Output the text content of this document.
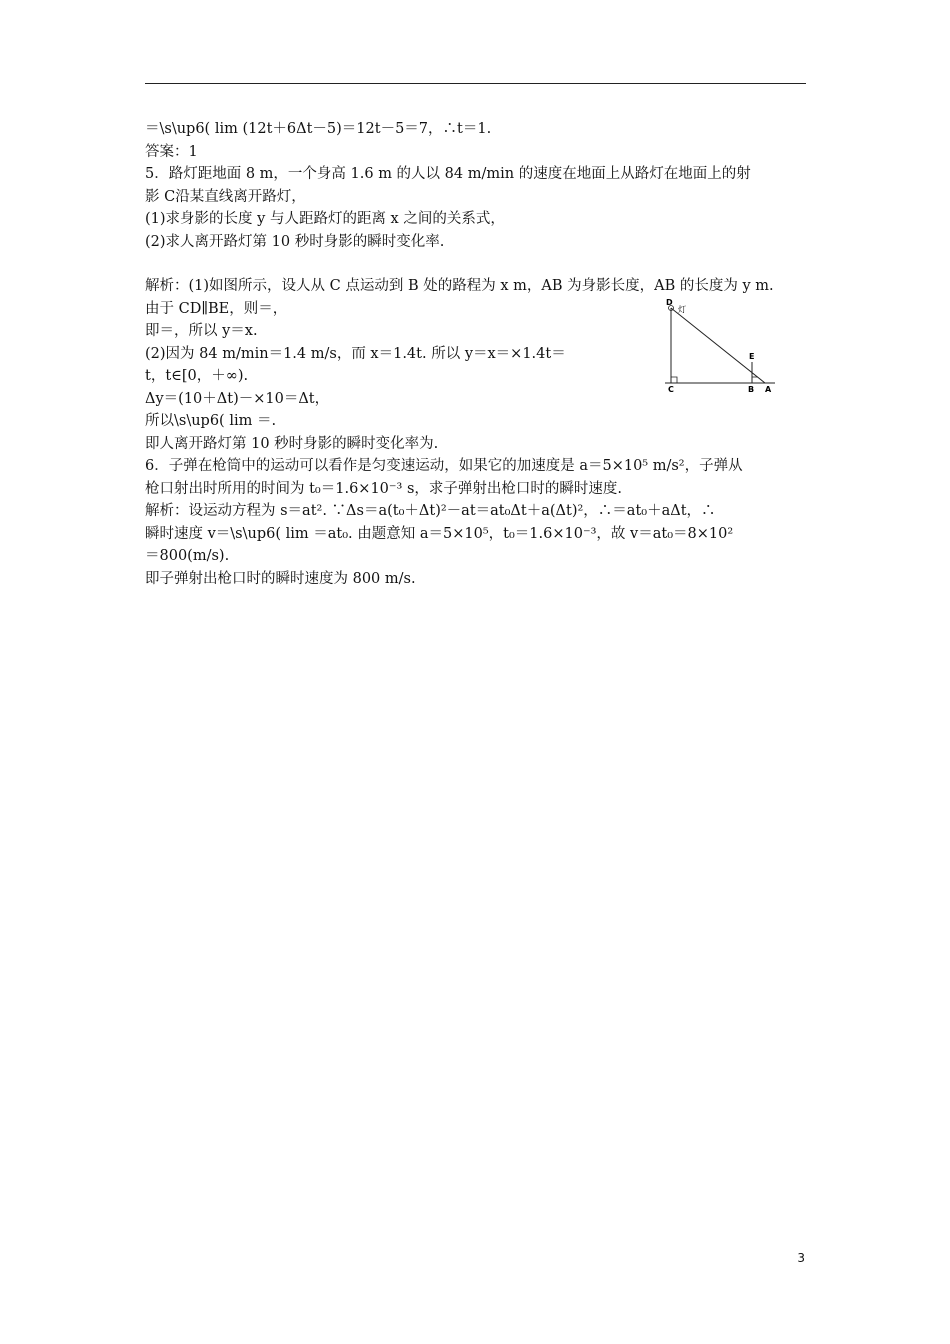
＝\s\up6( lim (12t＋6Δt－5)＝12t－5＝7，∴t＝1.
答案：1
5．路灯距地面 8 m，一个身高 1.6 m 的人以 84 m/min 的速度在地面上从路灯在地面上的射
影 C沿某直线离开路灯，
(1)求身影的长度 y 与人距路灯的距离 x 之间的关系式，
(2)求人离开路灯第 10 秒时身影的瞬时变化率.
解析：(1)如图所示，设人从 C 点运动到 B 处的路程为 x m，AB 为身影长度，AB 的长度为 y m.
由于 CD∥BE，则＝，
即＝，所以 y＝x.
(2)因为 84 m/min＝1.4 m/s，而 x＝1.4t. 所以 y＝x＝×1.4t＝
t，t∈[0，＋∞).
Δy＝(10＋Δt)－×10＝Δt，
D
灯
E
C	B A
所以\s\up6( lim ＝.
即人离开路灯第 10 秒时身影的瞬时变化率为.
6．子弹在枪筒中的运动可以看作是匀变速运动，如果它的加速度是 a＝5×10⁵ m/s²，子弹从
枪口射出时所用的时间为 t₀＝1.6×10⁻³ s，求子弹射出枪口时的瞬时速度.
解析：设运动方程为 s＝at². ∵Δs＝a(t₀＋Δt)²－at＝at₀Δt＋a(Δt)²，∴＝at₀＋aΔt，∴
瞬时速度 v＝\s\up6( lim ＝at₀. 由题意知 a＝5×10⁵，t₀＝1.6×10⁻³，故 v＝at₀＝8×10²
＝800(m/s).
即子弹射出枪口时的瞬时速度为 800 m/s.
3
